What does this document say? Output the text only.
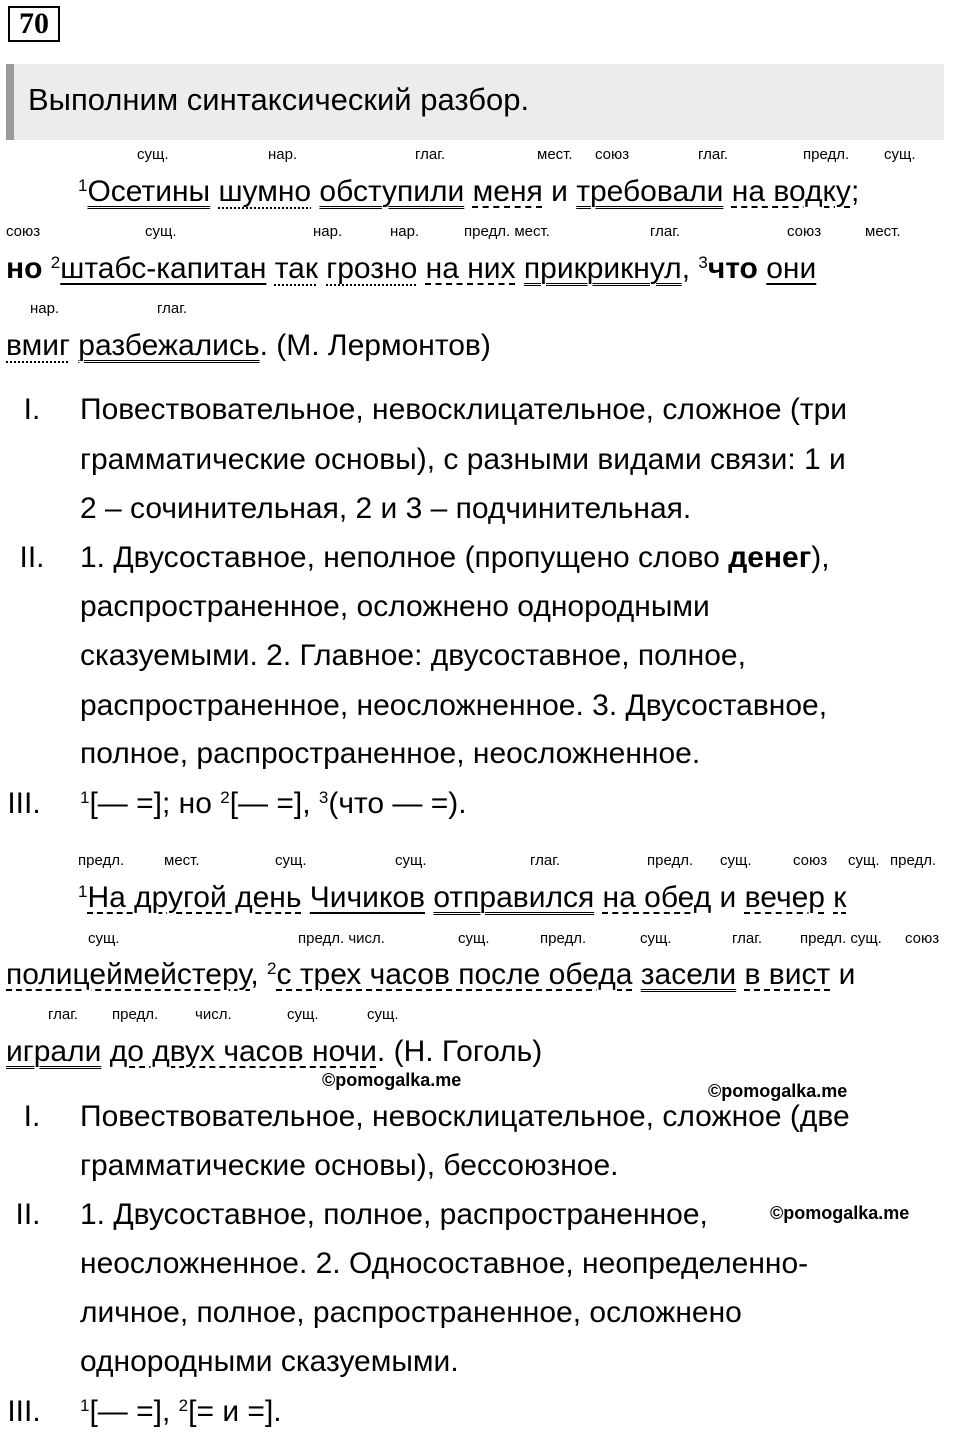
70
Выполним синтаксический разбор.
сущ.	нар.	глаг.	мест. союз	глаг.	предл. сущ.
$^1$Осетины шумно обступили меня и требовали на водку;
союз	сущ.	нар.	нар.	предл. мест.	глаг.	союз	мест.
но $^2$штабс-капитан так грозно на них прикрикнул, $^3$что они
нар.	глаг.
вмиг разбежались. (М. Лермонтов)
I.	Повествовательное, невосклицательное, сложное (три
грамматические основы), с разными видами связи: 1 и
2 – сочинительная, 2 и 3 – подчинительная.
II.	1. Двусоставное, неполное (пропущено слово денег),
распространенное, осложнено однородными
сказуемыми. 2. Главное: двусоставное, полное,
распространенное, неосложненное. 3. Двусоставное,
полное, распространенное, неосложненное.
III.	$^1$[— =]; но $^2$[— =], $^3$(что — =).
предл.	мест.	сущ.	сущ.	глаг.	предл. сущ.	союз сущ. предл.
$^1$На другой день Чичиков отправился на обед и вечер к
сущ.	предл. числ.	сущ.	предл.	сущ.	глаг.	предл. сущ. союз
полицеймейстеру, $^2$с трех часов после обеда засели в вист и
глаг. предл. числ.	сущ.	сущ.
играли до двух часов ночи. (Н. Гоголь)
©pomogalka.me
©pomogalka.me
©pomogalka.me
I.	Повествовательное, невосклицательное, сложное (две
грамматические основы), бессоюзное.
II.	1. Двусоставное, полное, распространенное,
неосложненное. 2. Односоставное, неопределенно-
личное, полное, распространенное, осложнено
однородными сказуемыми.
III.	$^1$[— =], $^2$[= и =].
